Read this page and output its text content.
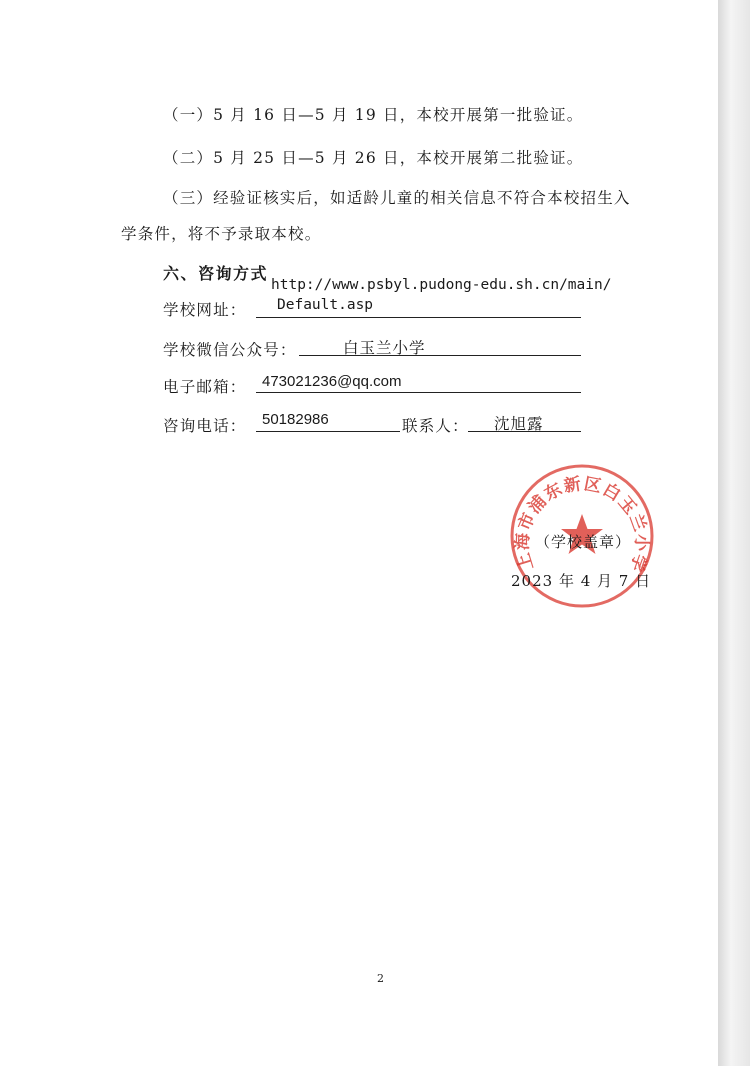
（一）5 月 16 日—5 月 19 日，本校开展第一批验证。
（二）5 月 25 日—5 月 26 日，本校开展第二批验证。
（三）经验证核实后，如适龄儿童的相关信息不符合本校招生入
学条件，将不予录取本校。
六、咨询方式
http://www.psbyl.pudong-edu.sh.cn/main/
学校网址： Default.asp
学校微信公众号：	白玉兰小学
电子邮箱： 473021236@qq.com
咨询电话： 50182986	联系人： 沈旭露
上海市浦东新区白玉兰小学
（学校盖章）
2023 年 4 月 7 日
2
